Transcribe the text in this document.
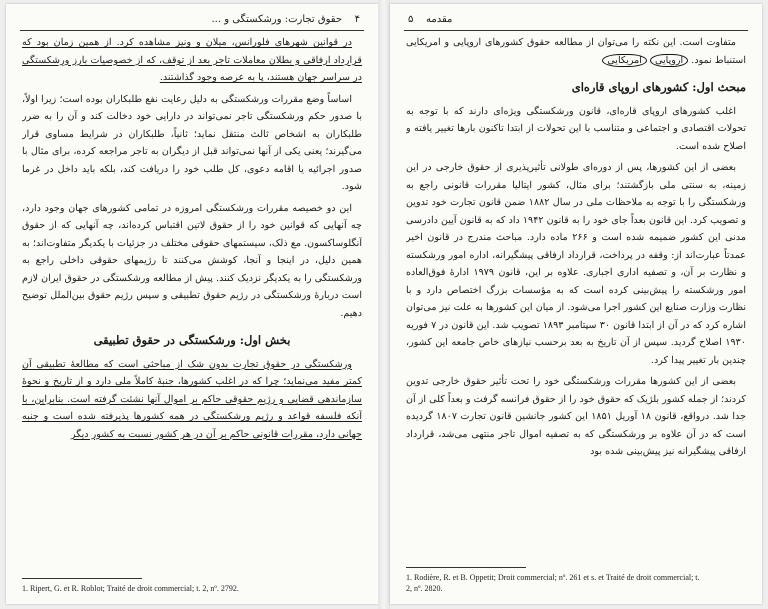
۴
حقوق تجارت: ورشکستگی و ...

در قوانین شهرهای فلورانس، میلان و ونیز مشاهده کرد. از همین زمان بود که قرارداد ارفاقی و بطلان معاملات تاجر بعد از توقف، که از خصوصیات بارز ورشکستگی در سراسر جهان هستند، پا به عرصه وجود گذاشتند.

اساساً وضع مقررات ورشکستگی به دلیل رعایت نفع طلبکاران بوده است؛ زیرا اولاً، با صدور حکم ورشکستگی تاجر نمی‌تواند در دارایی خود دخالت کند و آن را به ضرر طلبکاران به اشخاص ثالث منتقل نماید؛ ثانیاً، طلبکاران در شرایط مساوی قرار می‌گیرند؛ یعنی یکی از آنها نمی‌تواند قبل از دیگران به تاجر مراجعه کرده، برای مثال با صدور اجرائیه یا اقامه دعوی، کل طلب خود را دریافت کند، بلکه باید داخل در غرما شود.

این دو خصیصه مقررات ورشکستگی امروزه در تمامی کشورهای جهان وجود دارد، چه آنهایی که قوانین خود را از حقوق لاتین اقتباس کرده‌اند، چه آنهایی که از حقوق آنگلوساکسون. مع ذلک، سیستمهای حقوقی مختلف در جزئیات با یکدیگر متفاوت‌اند؛ به همین دلیل، در اینجا و آنجا، کوشش می‌کنند تا رژیمهای حقوقی داخلی راجع به ورشکستگی را به یکدیگر نزدیک کنند. پیش از مطالعه ورشکستگی در حقوق ایران لازم است دربارهٔ ورشکستگی در رژیم حقوق تطبیقی و سپس رژیم حقوق بین‌الملل توضیح دهیم.

بخش اول: ورشکستگی در حقوق تطبیقی

ورشکستگی در حقوق تجارت بدون شک از مباحثی است که مطالعهٔ تطبیقی آن کمتر مفید می‌نماید؛ چرا که در اغلب کشورها، جنبهٔ کاملاً ملی دارد و از تاریخ و نحوهٔ سازماندهی قضایی و رژیم حقوقی حاکم بر اموال آنها نشئت گرفته است. بنابراین، با آنکه فلسفه قواعد و رژیم ورشکستگی در همه کشورها پذیرفته شده است و جنبه جهانی دارد، مقررات قانونی حاکم بر آن در هر کشور نسبت به کشور دیگر

1. Ripert, G. et R. Roblot; Traité de droit commercial; t. 2, nº. 2792.
۵ مقدمه

متفاوت است. این نکته را می‌توان از مطالعه حقوق کشورهای اروپایی و امریکایی استنباط نمود. اروپایی امریکایی

مبحث اول: کشورهای اروپای قاره‌ای

اغلب کشورهای اروپای قاره‌ای، قانون ورشکستگی ویژه‌ای دارند که با توجه به تحولات اقتصادی و اجتماعی و متناسب با این تحولات از ابتدا تاکنون بارها تغییر یافته و اصلاح شده است.

بعضی از این کشورها، پس از دوره‌ای طولانی تأثیرپذیری از حقوق خارجی در این زمینه، به سنتی ملی بازگشتند؛ برای مثال، کشور ایتالیا مقررات قانونی راجع به ورشکستگی را با توجه به ملاحظات ملی در سال ۱۸۸۲ ضمن قانون تجارت خود تدوین و تصویب کرد. این قانون بعداً جای خود را به قانون ۱۹۴۲ داد که به قانون آیین دادرسی مدنی این کشور ضمیمه شده است و ۲۶۶ ماده دارد. مباحث مندرج در قانون اخیر عمدتاً عبارت‌اند از: وقفه در پرداخت، قرارداد ارفاقی پیشگیرانه، اداره امور ورشکسته و نظارت بر آن، و تصفیه اداری اجباری. علاوه بر این، قانون ۱۹۷۹ ادارهٔ فوق‌العاده امور ورشکسته را پیش‌بینی کرده است که به مؤسسات بزرگ اختصاص دارد و با نظارت وزارت صنایع این کشور اجرا می‌شود. از میان این کشورها به علت نیز می‌توان اشاره کرد که در آن از ابتدا قانون ۳۰ سپتامبر ۱۸۹۳ تصویب شد. این قانون در ۷ فوریه ۱۹۳۰ اصلاح گردید. سپس از آن تاریخ به بعد برحسب نیازهای خاص جامعه این کشور، چندین بار تغییر پیدا کرد.

بعضی از این کشورها مقررات ورشکستگی خود را تحت تأثیر حقوق خارجی تدوین کردند؛ از جمله کشور بلژیک که حقوق خود را از حقوق فرانسه گرفت و بعداً کلی از آن جدا شد. درواقع، قانون ۱۸ آوریل ۱۸۵۱ این کشور جانشین قانون تجارت ۱۸۰۷ گردیده است که در آن علاوه بر ورشکستگی که به تصفیه اموال تاجر منتهی می‌شد، قرارداد ارفاقی پیشگیرانه نیز پیش‌بینی شده بود

1. Rodière, R. et B. Oppetit; Droit commercial; nº. 261 et s. et Traité de droit commercial; t.
2, nº. 2820.
